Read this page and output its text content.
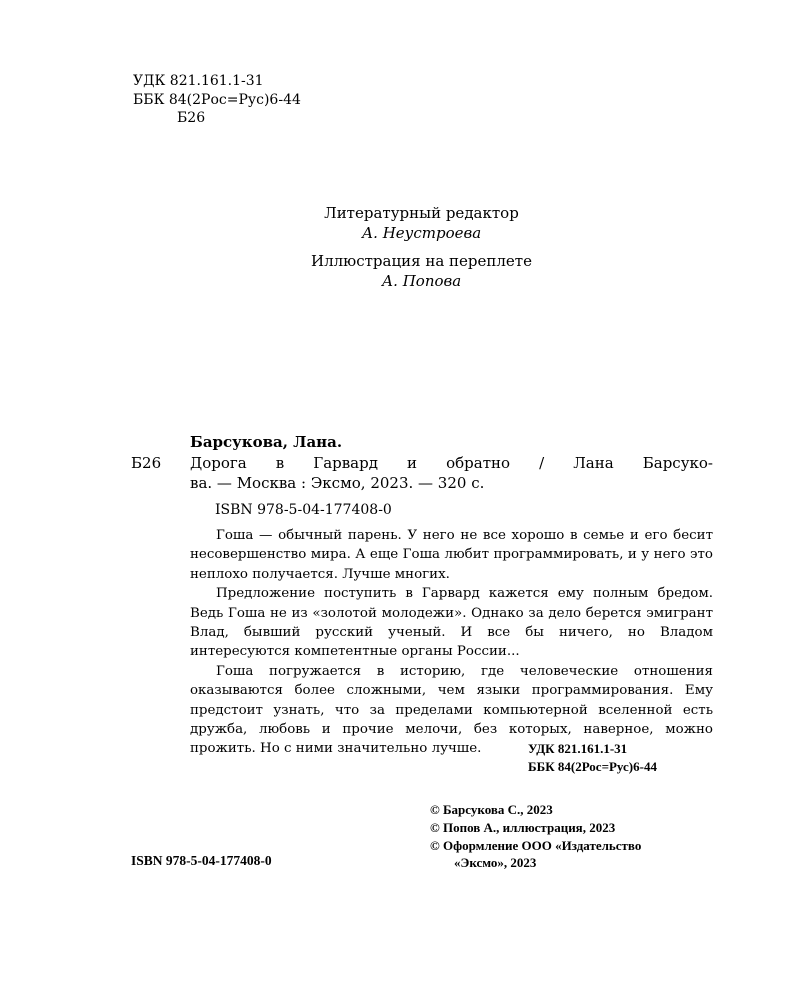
УДК 821.161.1-31
ББК 84(2Рос=Рус)6-44
Б26
Литературный редактор
А. Неустроева
Иллюстрация на переплете
А. Попова
Барсукова, Лана.
Б26 Дорога в Гарвард и обратно / Лана Барсуко-
ва. — Москва : Эксмо, 2023. — 320 с.
ISBN 978-5-04-177408-0

Гоша — обычный парень. У него не все хорошо в семье и его бесит несовершенство мира. А еще Гоша любит программировать, и у него это неплохо получается. Лучше многих.

Предложение поступить в Гарвард кажется ему полным бредом. Ведь Гоша не из «золотой молодежи». Однако за дело берется эмигрант Влад, бывший русский ученый. И все бы ничего, но Владом интересуются компетентные органы России...

Гоша погружается в историю, где человеческие отношения оказываются более сложными, чем языки программирования. Ему предстоит узнать, что за пределами компьютерной вселенной есть дружба, любовь и прочие мелочи, без которых, наверное, можно прожить. Но с ними значительно лучше.	УДК 821.161.1-31
ББК 84(2Рос=Рус)6-44
© Барсукова С., 2023
© Попов А., иллюстрация, 2023
© Оформление ООО «Издательство
«Эксмо», 2023
ISBN 978-5-04-177408-0
